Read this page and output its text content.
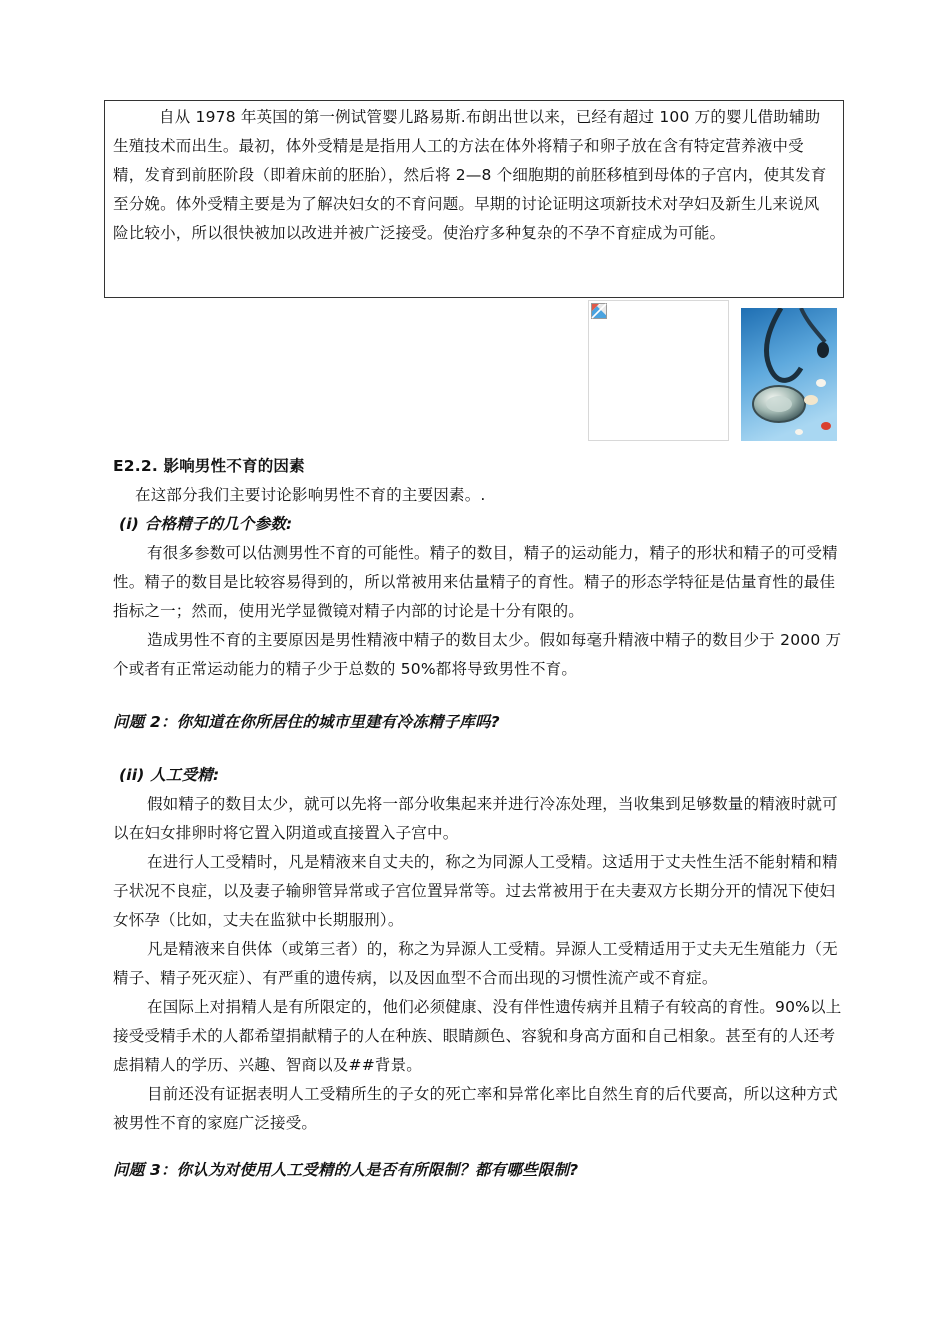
自从 1978 年英国的第一例试管婴儿路易斯.布朗出世以来，已经有超过 100 万的婴儿借助辅助生殖技术而出生。最初，体外受精是是指用人工的方法在体外将精子和卵子放在含有特定营养液中受精，发育到前胚阶段（即着床前的胚胎），然后将 2—8 个细胞期的前胚移植到母体的子宫内，使其发育至分娩。体外受精主要是为了解决妇女的不育问题。早期的讨论证明这项新技术对孕妇及新生儿来说风险比较小，所以很快被加以改进并被广泛接受。使治疗多种复杂的不孕不育症成为可能。

E2.2. 影响男性不育的因素

在这部分我们主要讨论影响男性不育的主要因素。.

(i) 合格精子的几个参数:

有很多参数可以估测男性不育的可能性。精子的数目，精子的运动能力，精子的形状和精子的可受精性。精子的数目是比较容易得到的，所以常被用来估量精子的育性。精子的形态学特征是估量育性的最佳指标之一；然而，使用光学显微镜对精子内部的讨论是十分有限的。

造成男性不育的主要原因是男性精液中精子的数目太少。假如每毫升精液中精子的数目少于 2000 万个或者有正常运动能力的精子少于总数的 50%都将导致男性不育。

问题 2：你知道在你所居住的城市里建有冷冻精子库吗?

(ii) 人工受精:

假如精子的数目太少，就可以先将一部分收集起来并进行冷冻处理，当收集到足够数量的精液时就可以在妇女排卵时将它置入阴道或直接置入子宫中。

在进行人工受精时，凡是精液来自丈夫的，称之为同源人工受精。这适用于丈夫性生活不能射精和精子状况不良症，以及妻子输卵管异常或子宫位置异常等。过去常被用于在夫妻双方长期分开的情况下使妇女怀孕（比如，丈夫在监狱中长期服刑）。

凡是精液来自供体（或第三者）的，称之为异源人工受精。异源人工受精适用于丈夫无生殖能力（无精子、精子死灭症）、有严重的遗传病，以及因血型不合而出现的习惯性流产或不育症。

在国际上对捐精人是有所限定的，他们必须健康、没有伴性遗传病并且精子有较高的育性。90%以上接受受精手术的人都希望捐献精子的人在种族、眼睛颜色、容貌和身高方面和自己相象。甚至有的人还考虑捐精人的学历、兴趣、智商以及##背景。

目前还没有证据表明人工受精所生的子女的死亡率和异常化率比自然生育的后代要高，所以这种方式被男性不育的家庭广泛接受。

问题 3：你认为对使用人工受精的人是否有所限制？都有哪些限制?
